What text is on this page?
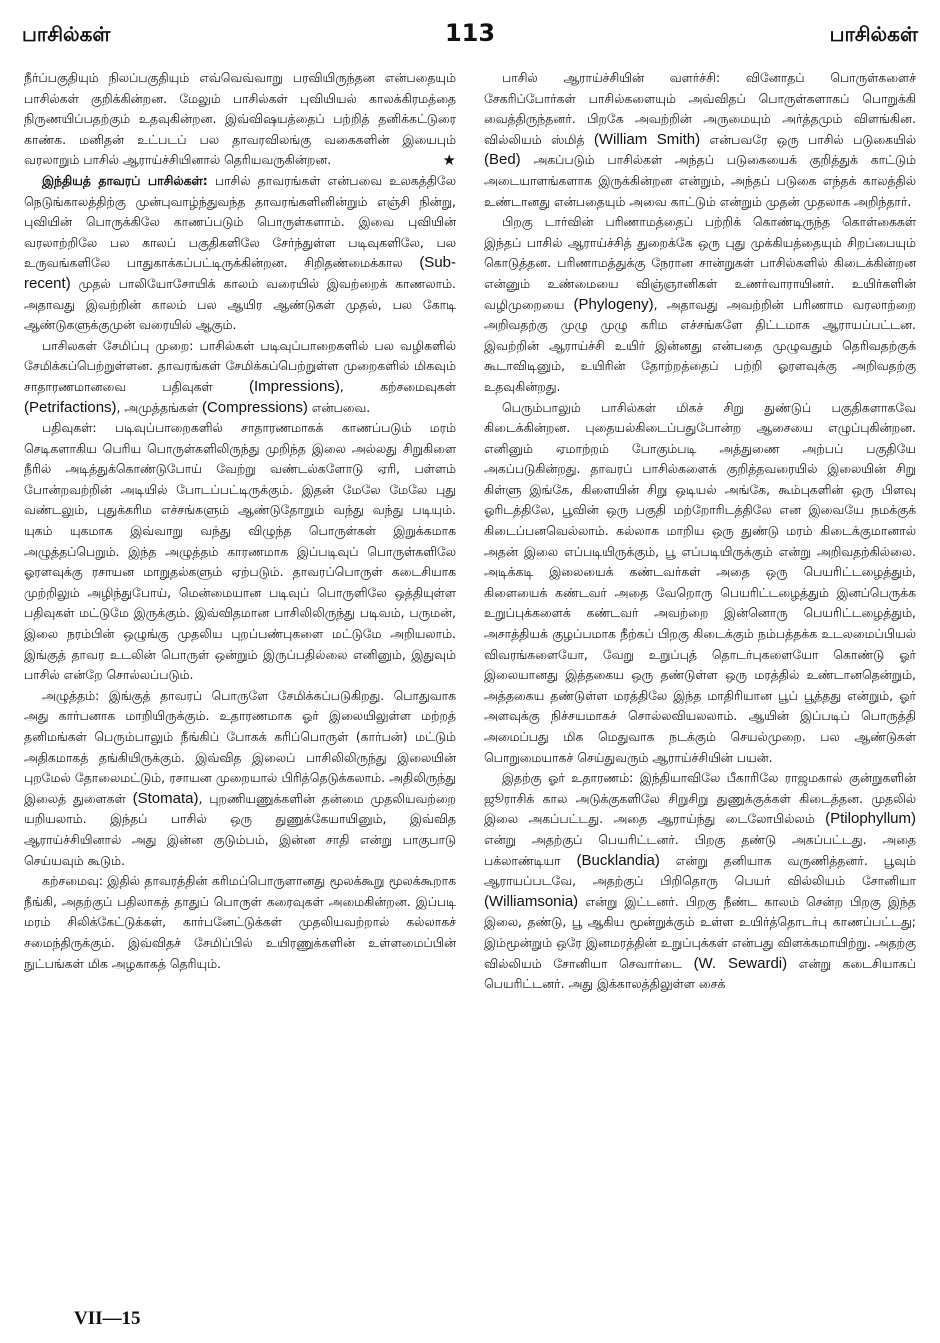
பாசில்கள்	113	பாசில்கள்

நீர்ப்பகுதியும் நிலப்பகுதியும் எவ்வெவ்வாறு பரவியிருந்தன என்பதையும் பாசில்கள் குறிக்கின்றன. மேலும் பாசில்கள் புவியியல் காலக்கிரமத்தை நிருணயிப்பதற்கும் உதவுகின்றன. இவ்விஷயத்தைப் பற்றித் தனிக்கட்டுரை காண்க. மனிதன் உட்படப் பல தாவரவிலங்கு வகைகளின் இயைபும் வரலாறும் பாசில் ஆராய்ச்சியினால் தெரியவருகின்றன.	★

இந்தியத் தாவரப் பாசில்கள்: பாசில் தாவரங்கள் என்பவை உலகத்திலே நெடுங்காலத்திற்கு முன்புவாழ்ந்துவந்த தாவரங்களினின்றும் எஞ்சி நின்று, புவியின் பொருக்கிலே காணப்படும் பொருள்களாம். இவை புவியின் வரலாற்றிலே பல காலப் பகுதிகளிலே சேர்ந்துள்ள படிவுகளிலே, பல உருவங்களிலே பாதுகாக்கப்பட்டிருக்கின்றன. சிறிதண்மைக்கால (Sub-recent) முதல் பாலியோசோயிக் காலம் வரையில் இவற்றைக் காணலாம். அதாவது இவற்றின் காலம் பல ஆயிர ஆண்டுகள் முதல், பல கோடி ஆண்டுகளுக்குமுன் வரையில் ஆகும்.

பாசிலகள் சேமிப்பு முறை: பாசில்கள் படிவுப்பாறைகளில் பல வழிகளில் சேமிக்கப்பெற்றுள்ளன. தாவரங்கள் சேமிக்கப்பெற்றுள்ள முறைகளில் மிகவும் சாதாரணமானவை பதிவுகள் (Impressions), கற்சமைவுகள் (Petrifactions), அமுத்தங்கள் (Compressions) என்பவை.

பதிவுகள்: படிவுப்பாறைகளில் சாதாரணமாகக் காணப்படும் மரம் செடிகளாகிய பெரிய பொருள்களிலிருந்து முறிந்த இலை அல்லது சிறுகிளை நீரில் அடித்துக்கொண்டுபோய் வேற்று வண்டல்களோடு ஏரி, பள்ளம் போன்றவற்றின் அடியில் போடப்பட்டிருக்கும். இதன் மேலே மேலே புது வண்டலும், புதுக்கரிம எச்சங்களும் ஆண்டுதோறும் வந்து வந்து படியும். யுகம் யுகமாக இவ்வாறு வந்து விழுந்த பொருள்கள் இறுக்கமாக அழுத்தப்பெறும். இந்த அழுத்தம் காரணமாக இப்படிவுப் பொருள்களிலே ஓரளவுக்கு ரசாயன மாறுதல்களும் ஏற்படும். தாவரப்பொருள் கடைசியாக முற்றிலும் அழிந்துபோய், மென்மையான படிவுப் பொருளிலே ஒத்தியுள்ள பதிவுகள் மட்டுமே இருக்கும். இவ்விதமான பாசிலிலிருந்து படிவம், பருமன், இலை நரம்பின் ஒழுங்கு முதலிய புறப்பண்புகளை மட்டுமே அறியலாம். இங்குத் தாவர உடலின் பொருள் ஒன்றும் இருப்பதில்லை எனினும், இதுவும் பாசில் என்றே சொல்லப்படும்.

அழுத்தம்: இங்குத் தாவரப் பொருளே சேமிக்கப்படுகிறது. பொதுவாக அது கார்பனாக மாறியிருக்கும். உதாரணமாக ஓர் இலையிலுள்ள மற்றத் தனிமங்கள் பெரும்பாலும் நீங்கிப் போகக் கரிப்பொருள் (கார்பன்) மட்டும் அதிகமாகத் தங்கியிருக்கும். இவ்வித இலைப் பாசிலிலிருந்து இலையின் புறமேல் தோலைமட்டும், ரசாயன முறையால் பிரித்தெடுக்கலாம். அதிலிருந்து இலைத் துளைகள் (Stomata), புறணியணுக்களின் தன்மை முதலியவற்றை யறியலாம். இந்தப் பாசில் ஒரு துணுக்கேயாயினும், இவ்வித ஆராய்ச்சியினால் அது இன்ன குடும்பம், இன்ன சாதி என்று பாகுபாடு செய்யவும் கூடும்.

கற்சமைவு: இதில் தாவரத்தின் கரிமப்பொருளானது மூலக்கூறு மூலக்கூறாக நீங்கி, அதற்குப் பதிலாகத் தாதுப் பொருள் கரைவுகள் அமைகின்றன. இப்படி மரம் சிலிக்கேட்டுக்கள், கார்பனேட்டுக்கள் முதலியவற்றால் கல்லாகச் சமைந்திருக்கும். இவ்விதச் சேமிப்பில் உயிரணுக்களின் உள்ளமைப்பின் நுட்பங்கள் மிக அழகாகத் தெரியும்.

பாசில் ஆராய்ச்சியின் வளர்ச்சி: வினோதப் பொருள்களைச் சேகரிப்போர்கள் பாசில்களையும் அவ்விதப் பொருள்களாகப் பொறுக்கி வைத்திருந்தனர். பிறகே அவற்றின் அருமையும் அர்த்தமும் விளங்கின. வில்லியம் ஸ்மித் (William Smith) என்பவரே ஒரு பாசில் படுகையில் (Bed) அகப்படும் பாசில்கள் அந்தப் படுகையைக் குறித்துக் காட்டும் அடையாளங்களாக இருக்கின்றன என்றும், அந்தப் படுகை எந்தக் காலத்தில் உண்டானது என்பதையும் அவை காட்டும் என்றும் முதன் முதலாக அறிந்தார்.

பிறகு டார்வின் பரிணாமத்தைப் பற்றிக் கொண்டிருந்த கொள்கைகள் இந்தப் பாசில் ஆராய்ச்சித் துறைக்கே ஒரு புது முக்கியத்தையும் சிறப்பையும் கொடுத்தன. பரிணாமத்துக்கு நேரான சான்றுகள் பாசில்களில் கிடைக்கின்றன என்னும் உண்மையை விஞ்ஞானிகள் உணர்வாராயினர். உயிர்களின் வழிமுறையை (Phylogeny), அதாவது அவற்றின் பரிணாம வரலாற்றை அறிவதற்கு முழு முழு கரிம எச்சங்களே திட்டமாக ஆராயப்பட்டன. இவற்றின் ஆராய்ச்சி உயிர் இன்னது என்பதை முழுவதும் தெரிவதற்குக் கூடாவிடினும், உயிரின் தோற்றத்தைப் பற்றி ஓரளவுக்கு அறிவதற்கு உதவுகின்றது.

பெரும்பாலும் பாசில்கள் மிகச் சிறு துண்டுப் பகுதிகளாகவே கிடைக்கின்றன. புதையல்கிடைப்பதுபோன்ற ஆசையை எழுப்புகின்றன. எனினும் ஏமாற்றம் போகும்படி அத்துணை அற்பப் பகுதியே அகப்படுகின்றது. தாவரப் பாசில்களைக் குறித்தவரையில் இலையின் சிறு கிள்ளு இங்கே, கிளையின் சிறு ஒடியல் அங்கே, கூம்புகளின் ஒரு பிளவு ஓரிடத்திலே, பூவின் ஒரு பகுதி மற்றோரிடத்திலே என இவையே நமக்குக் கிடைப்பனவெல்லாம். கல்லாக மாறிய ஒரு துண்டு மரம் கிடைக்குமானால் அதன் இலை எப்படியிருக்கும், பூ எப்படியிருக்கும் என்று அறிவதற்கில்லை. அடிக்கடி இலையைக் கண்டவர்கள் அதை ஒரு பெயரிட்டழைத்தும், கிளையைக் கண்டவர் அதை வேறொரு பெயரிட்டழைத்தும் இனப்பெருக்க உறுப்புக்களைக் கண்டவர் அவற்றை இன்னொரு பெயரிட்டழைத்தும், அசாத்தியக் குழப்பமாக நீற்கப் பிறகு கிடைக்கும் நம்பத்தக்க உடலமைப்பியல் விவரங்களையோ, வேறு உறுப்புத் தொடர்புகளையோ கொண்டு ஓர் இலையானது இத்தகைய ஒரு தண்டுள்ள ஒரு மரத்தில் உண்டானதென்றும், அத்தகைய தண்டுள்ள மரத்திலே இந்த மாதிரியான பூப் பூத்தது என்றும், ஓர் அளவுக்கு நிச்சயமாகச் சொல்லவியலலாம். ஆயின் இப்படிப் பொருத்தி அமைப்பது மிக மெதுவாக நடக்கும் செயல்முறை. பல ஆண்டுகள் பொறுமையாகச் செய்துவரும் ஆராய்ச்சியின் பயன்.

இதற்கு ஓர் உதாரணம்: இந்தியாவிலே பீகாரிலே ராஜமகால் குன்றுகளின் ஜூராசிக் கால அடுக்குகளிலே சிறுசிறு துணுக்குக்கள் கிடைத்தன. முதலில் இலை அகப்பட்டது. அதை ஆராய்ந்து டைலோபில்லம் (Ptilophyllum) என்று அதற்குப் பெயரிட்டனர். பிறகு தண்டு அகப்பட்டது. அதை பக்லாண்டியா (Bucklandia) என்று தனியாக வருணித்தனர். பூவும் ஆராயப்படவே, அதற்குப் பிறிதொரு பெயர் வில்லியம் சோனியா (Williamsonia) என்று இட்டனர். பிறகு நீண்ட காலம் சென்ற பிறகு இந்த இலை, தண்டு, பூ ஆகிய மூன்றுக்கும் உள்ள உயிர்த்தொடர்பு காணப்பட்டது; இம்மூன்றும் ஒரே இனமரத்தின் உறுப்புக்கள் என்பது விளக்கமாயிற்று. அதற்கு வில்லியம் சோனியா செவார்டை (W. Sewardi) என்று கடைசியாகப் பெயரிட்டனர். அது இக்காலத்திலுள்ள சைக்

VII—15
